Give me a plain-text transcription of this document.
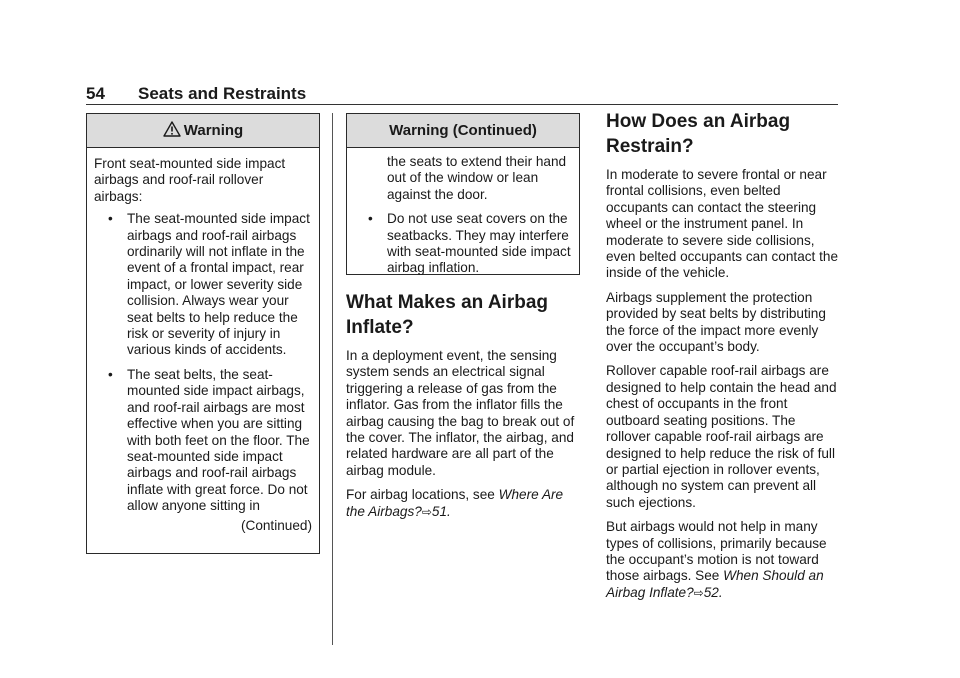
54 Seats and Restraints
Warning

Front seat-mounted side impact airbags and roof-rail rollover airbags:

• The seat-mounted side impact airbags and roof-rail airbags ordinarily will not inflate in the event of a frontal impact, rear impact, or lower severity side collision. Always wear your seat belts to help reduce the risk or severity of injury in various kinds of accidents.

• The seat belts, the seat-mounted side impact airbags, and roof-rail airbags are most effective when you are sitting with both feet on the floor. The seat-mounted side impact airbags and roof-rail airbags inflate with great force. Do not allow anyone sitting in

(Continued)
Warning (Continued)

the seats to extend their hand out of the window or lean against the door.

• Do not use seat covers on the seatbacks. They may interfere with seat-mounted side impact airbag inflation.

What Makes an Airbag Inflate?

In a deployment event, the sensing system sends an electrical signal triggering a release of gas from the inflator. Gas from the inflator fills the airbag causing the bag to break out of the cover. The inflator, the airbag, and related hardware are all part of the airbag module.

For airbag locations, see Where Are the Airbags?⇨51.

How Does an Airbag Restrain?

In moderate to severe frontal or near frontal collisions, even belted occupants can contact the steering wheel or the instrument panel. In moderate to severe side collisions, even belted occupants can contact the inside of the vehicle.

Airbags supplement the protection provided by seat belts by distributing the force of the impact more evenly over the occupant’s body.

Rollover capable roof-rail airbags are designed to help contain the head and chest of occupants in the front outboard seating positions. The rollover capable roof-rail airbags are designed to help reduce the risk of full or partial ejection in rollover events, although no system can prevent all such ejections.

But airbags would not help in many types of collisions, primarily because the occupant’s motion is not toward those airbags. See When Should an Airbag Inflate?⇨52.
